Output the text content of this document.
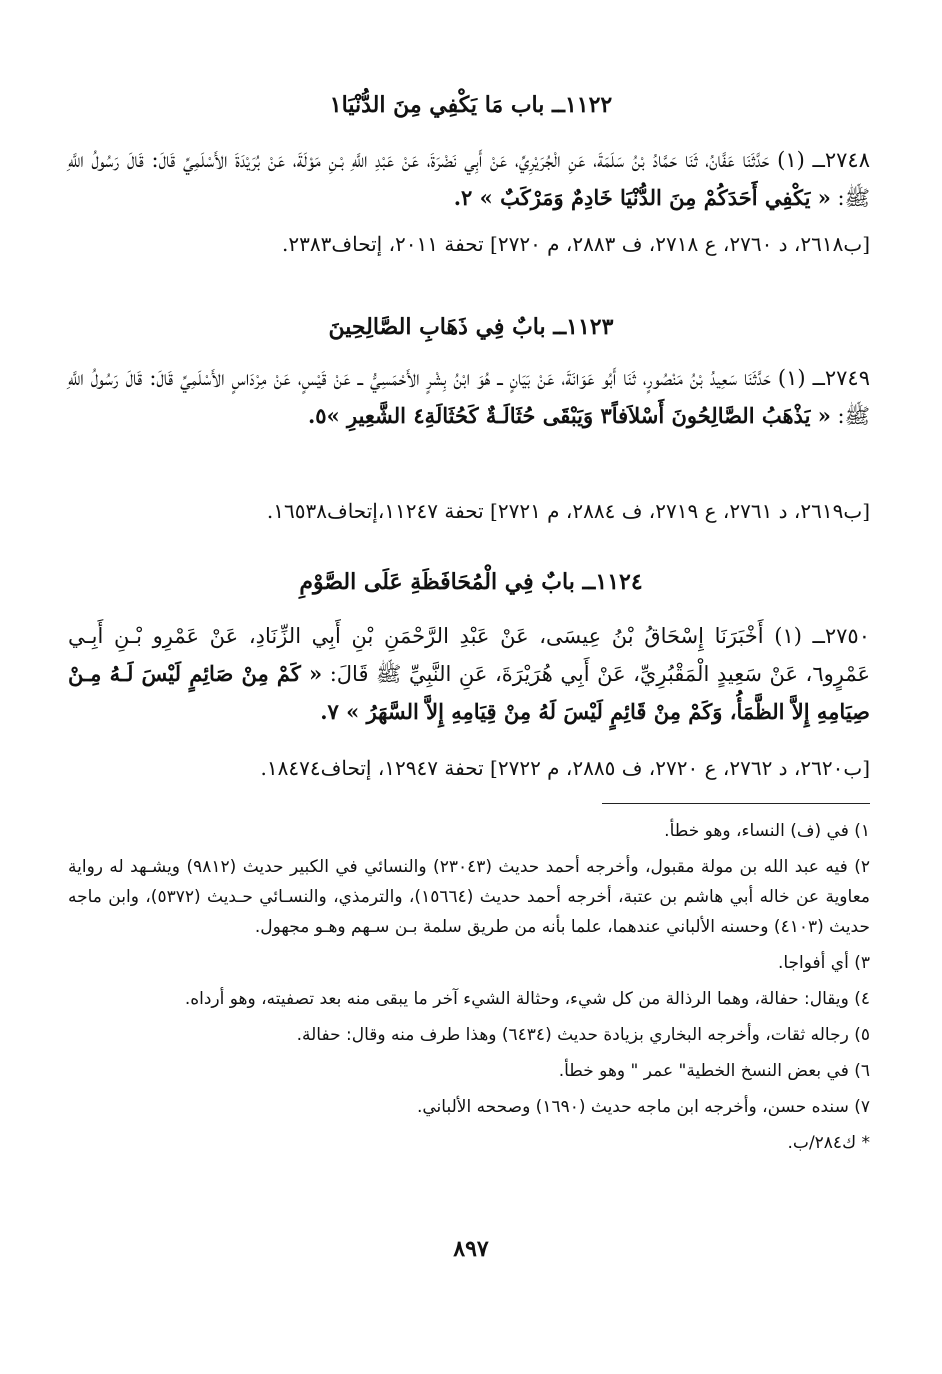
١١٢٢ــ باب مَا يَكْفِي مِنَ الدُّنْيَا١
٢٧٤٨ــ (١) حَدَّثَنَا عَفَّانُ، ثَنَا حَمَّادُ بْنُ سَلَمَةَ، عَنِ الْجُرَيْرِيِّ، عَنْ أَبِي نَضْرَةَ، عَنْ عَبْدِ اللَّهِ بْـنِ مَوْلَةَ، عَنْ بُرَيْدَةَ الأَسْلَمِيِّ قَالَ: قَالَ رَسُولُ اللَّهِ ﷺ: « يَكْفِي أَحَدَكُمْ مِنَ الدُّنْيَا خَادِمٌ وَمَرْكَبٌ » ٢.
[ب٢٦١٨، د ٢٧٦٠، ع ٢٧١٨، ف ٢٨٨٣، م ٢٧٢٠] تحفة ٢٠١١، إتحاف٢٣٨٣.
١١٢٣ــ بابٌ فِي ذَهَابِ الصَّالِحِينَ
٢٧٤٩ــ (١) حَدَّثَنَا سَعِيدُ بْنُ مَنْصُورٍ، ثَنَا أَبُو عَوَانَةَ، عَنْ بَيَانٍ ــ هُوَ ابْنُ بِشْرٍ الأَحْمَسِيُّ ــ عَنْ قَيْسٍ، عَنْ مِرْدَاسٍ الأَسْلَمِيِّ قَالَ: قَالَ رَسُولُ اللَّهِ ﷺ: « يَذْهَبُ الصَّالِحُونَ أَسْلاَفاً٣ وَيَبْقَى حُثَالَـةٌ كَحُثَالَةِ٤ الشَّعِيرِ »٥.
[ب٢٦١٩، د ٢٧٦١، ع ٢٧١٩، ف ٢٨٨٤، م ٢٧٢١] تحفة ١١٢٤٧،إتحاف١٦٥٣٨.
١١٢٤ــ بابٌ فِي الْمُحَافَظَةِ عَلَى الصَّوْمِ
٢٧٥٠ــ (١) أَخْبَرَنَا إِسْحَاقُ بْنُ عِيسَى، عَنْ عَبْدِ الرَّحْمَنِ بْنِ أَبِي الزِّنَادِ، عَنْ عَمْرِو بْـنِ أَبِـي عَمْرٍو٦، عَنْ سَعِيدٍ الْمَقْبُرِيِّ، عَنْ أَبِي هُرَيْرَةَ، عَنِ النَّبِيِّ ﷺ قَالَ: « كَمْ مِنْ صَائِمٍ لَيْسَ لَـهُ مِـنْ صِيَامِهِ إِلاَّ الظَّمَأُ، وَكَمْ مِنْ قَائِمٍ لَيْسَ لَهُ مِنْ قِيَامِهِ إِلاَّ السَّهَرُ » ٧.
[ب٢٦٢٠، د ٢٧٦٢، ع ٢٧٢٠، ف ٢٨٨٥، م ٢٧٢٢] تحفة ١٢٩٤٧، إتحاف١٨٤٧٤.
١) في (ف) النساء، وهو خطأ.
٢) فيه عبد الله بن مولة مقبول، وأخرجه أحمد حديث (٢٣٠٤٣) والنسائي في الكبير حديث (٩٨١٢) ويشـهد له رواية معاوية عن خاله أبي هاشم بن عتبة، أخرجه أحمد حديث (١٥٦٦٤)، والترمذي، والنسـائي حـديث (٥٣٧٢)، وابن ماجه حديث (٤١٠٣) وحسنه الألباني عندهما، علما بأنه من طريق سلمة بـن سـهم وهـو مجهول.
٣) أي أفواجا.
٤) ويقال: حفالة، وهما الرذالة من كل شيء، وحثالة الشيء آخر ما يبقى منه بعد تصفيته، وهو أرداه.
٥) رجاله ثقات، وأخرجه البخاري بزيادة حديث (٦٤٣٤) وهذا طرف منه وقال: حفالة.
٦) في بعض النسخ الخطية" عمر " وهو خطأ.
٧) سنده حسن، وأخرجه ابن ماجه حديث (١٦٩٠) وصححه الألباني.
* ك٢٨٤/ب.
٨٩٧
